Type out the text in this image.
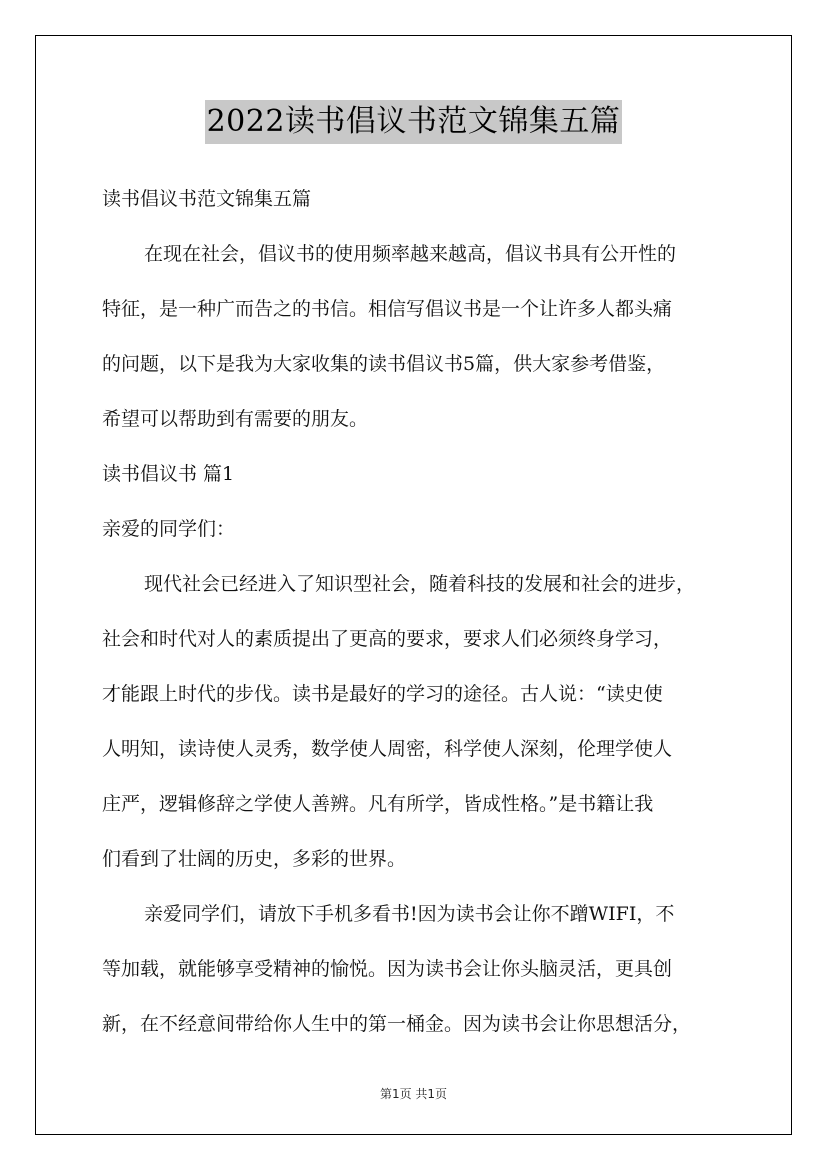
2022读书倡议书范文锦集五篇
读书倡议书范文锦集五篇
在现在社会，倡议书的使用频率越来越高，倡议书具有公开性的
特征，是一种广而告之的书信。相信写倡议书是一个让许多人都头痛
的问题，以下是我为大家收集的读书倡议书5篇，供大家参考借鉴，
希望可以帮助到有需要的朋友。
读书倡议书 篇1
亲爱的同学们：
现代社会已经进入了知识型社会，随着科技的发展和社会的进步，
社会和时代对人的素质提出了更高的要求，要求人们必须终身学习，
才能跟上时代的步伐。读书是最好的学习的途径。古人说：“读史使
人明知，读诗使人灵秀，数学使人周密，科学使人深刻，伦理学使人
庄严，逻辑修辞之学使人善辨。凡有所学，皆成性格。”是书籍让我
们看到了壮阔的历史，多彩的世界。
亲爱同学们，请放下手机多看书!因为读书会让你不蹭WIFI，不
等加载，就能够享受精神的愉悦。因为读书会让你头脑灵活，更具创
新，在不经意间带给你人生中的第一桶金。因为读书会让你思想活分，
第1页 共1页
